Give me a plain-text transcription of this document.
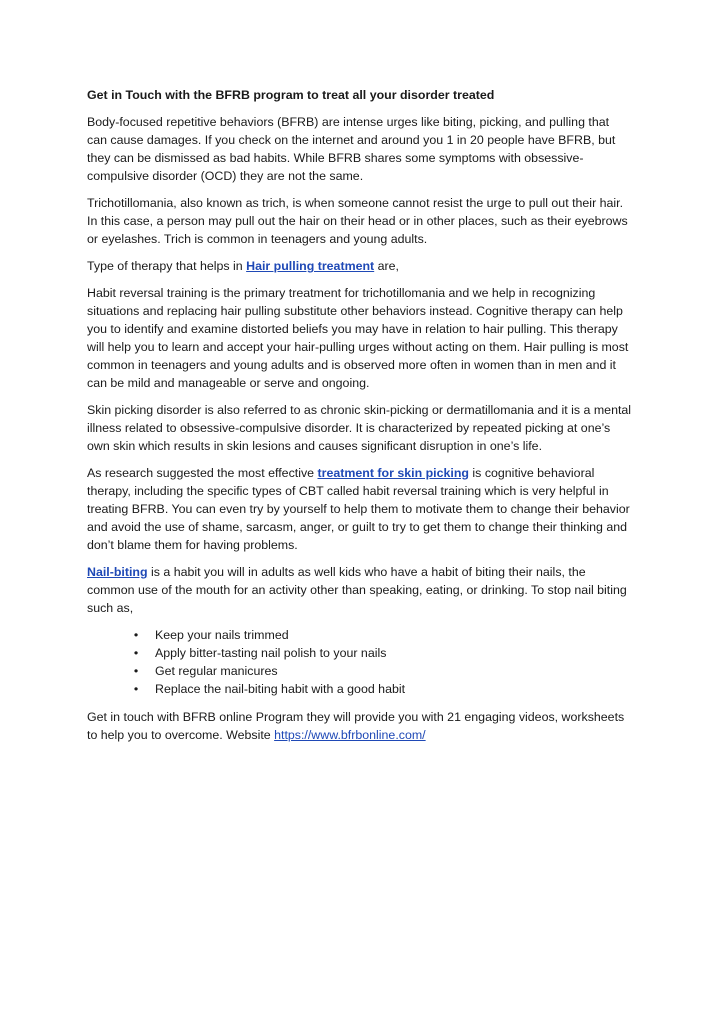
Get in Touch with the BFRB program to treat all your disorder treated

Body-focused repetitive behaviors (BFRB) are intense urges like biting, picking, and pulling that can cause damages. If you check on the internet and around you 1 in 20 people have BFRB, but they can be dismissed as bad habits. While BFRB shares some symptoms with obsessive-compulsive disorder (OCD) they are not the same.

Trichotillomania, also known as trich, is when someone cannot resist the urge to pull out their hair. In this case, a person may pull out the hair on their head or in other places, such as their eyebrows or eyelashes. Trich is common in teenagers and young adults.

Type of therapy that helps in Hair pulling treatment are,

Habit reversal training is the primary treatment for trichotillomania and we help in recognizing situations and replacing hair pulling substitute other behaviors instead. Cognitive therapy can help you to identify and examine distorted beliefs you may have in relation to hair pulling. This therapy will help you to learn and accept your hair-pulling urges without acting on them. Hair pulling is most common in teenagers and young adults and is observed more often in women than in men and it can be mild and manageable or serve and ongoing.

Skin picking disorder is also referred to as chronic skin-picking or dermatillomania and it is a mental illness related to obsessive-compulsive disorder. It is characterized by repeated picking at one’s own skin which results in skin lesions and causes significant disruption in one’s life.

As research suggested the most effective treatment for skin picking is cognitive behavioral therapy, including the specific types of CBT called habit reversal training which is very helpful in treating BFRB. You can even try by yourself to help them to motivate them to change their behavior and avoid the use of shame, sarcasm, anger, or guilt to try to get them to change their thinking and don’t blame them for having problems.

Nail-biting is a habit you will in adults as well kids who have a habit of biting their nails, the common use of the mouth for an activity other than speaking, eating, or drinking. To stop nail biting such as,

• Keep your nails trimmed
• Apply bitter-tasting nail polish to your nails
• Get regular manicures
• Replace the nail-biting habit with a good habit

Get in touch with BFRB online Program they will provide you with 21 engaging videos, worksheets to help you to overcome. Website https://www.bfrbonline.com/
